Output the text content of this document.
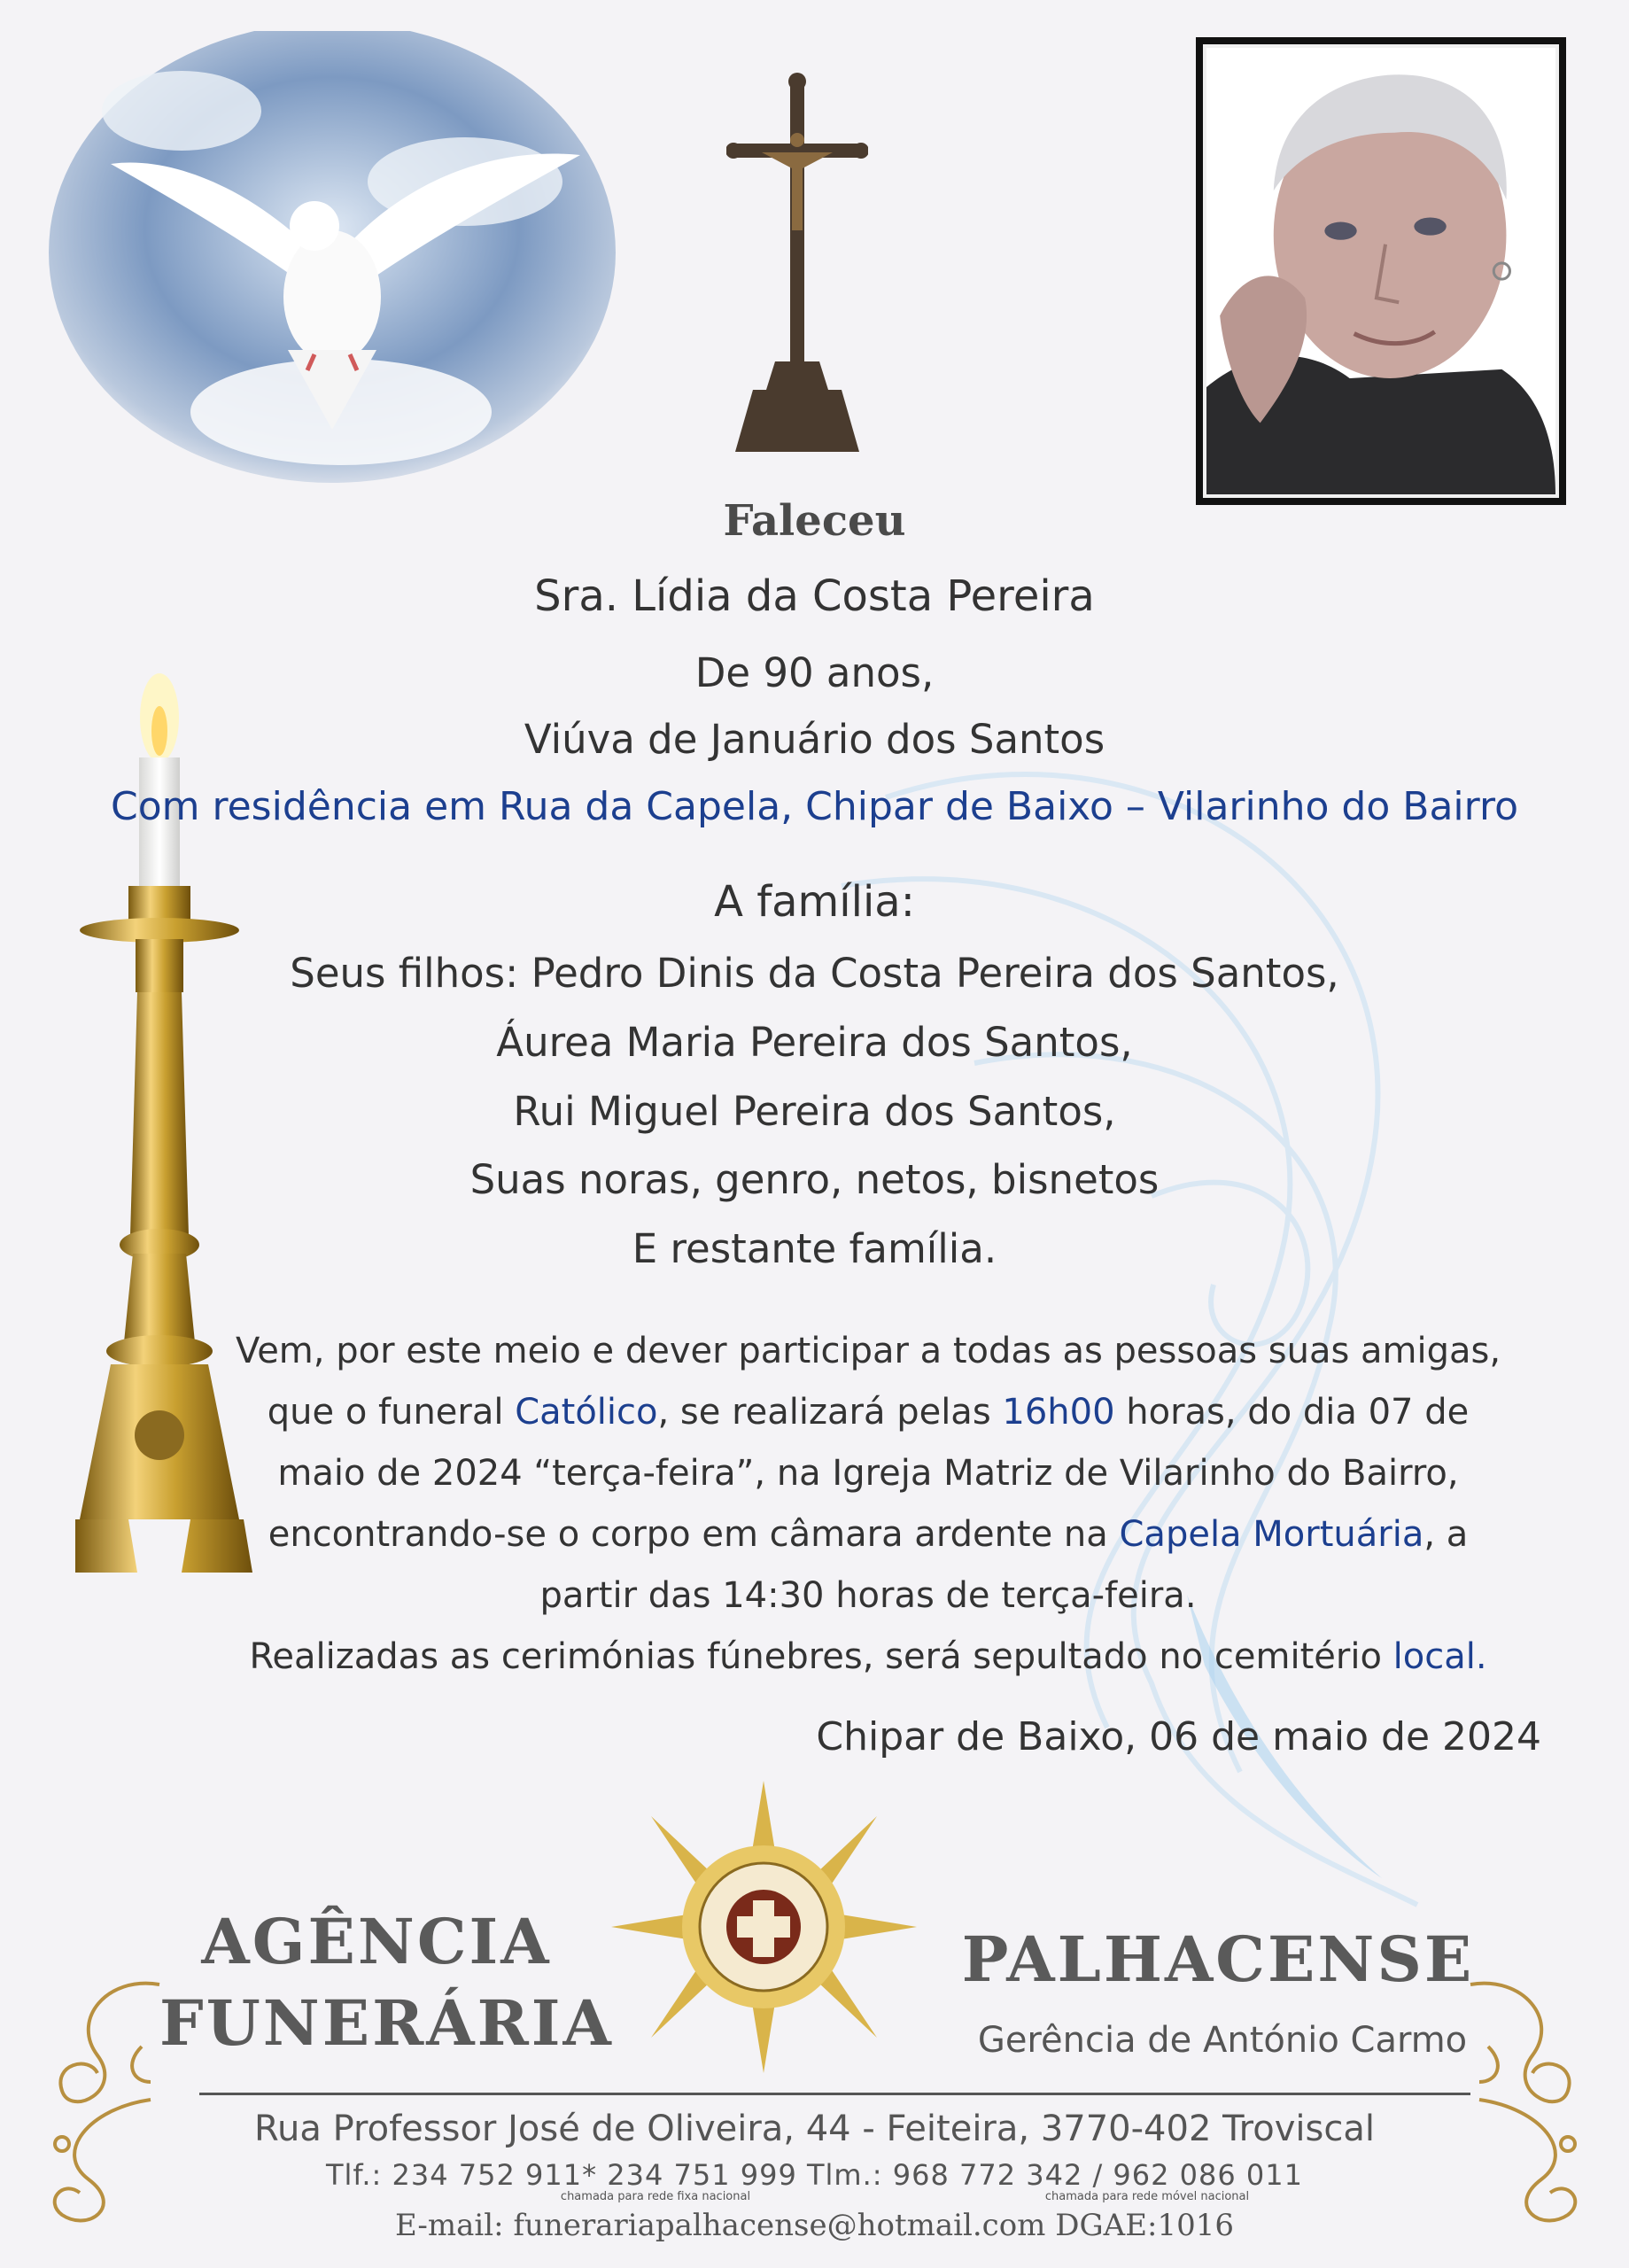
Faleceu
Sra. Lídia da Costa Pereira
De 90 anos,
Viúva de Januário dos Santos
Com residência em Rua da Capela, Chipar de Baixo – Vilarinho do Bairro
A família:
Seus filhos: Pedro Dinis da Costa Pereira dos Santos,
Áurea Maria Pereira dos Santos,
Rui Miguel Pereira dos Santos,
Suas noras, genro, netos, bisnetos
E restante família.
Vem, por este meio e dever participar a todas as pessoas suas amigas,
que o funeral Católico, se realizará pelas 16h00 horas, do dia 07 de
maio de 2024 “terça-feira”, na Igreja Matriz de Vilarinho do Bairro,
encontrando-se o corpo em câmara ardente na Capela Mortuária, a
partir das 14:30 horas de terça-feira.
Realizadas as cerimónias fúnebres, será sepultado no cemitério local.
Chipar de Baixo, 06 de maio de 2024
AGÊNCIA
FUNERÁRIA
PALHACENSE
Gerência de António Carmo
Rua Professor José de Oliveira, 44 - Feiteira, 3770-402 Troviscal
Tlf.: 234 752 911* 234 751 999 Tlm.: 968 772 342 / 962 086 011
chamada para rede fixa nacional	chamada para rede móvel nacional
E-mail: funerariapalhacense@hotmail.com DGAE:1016
